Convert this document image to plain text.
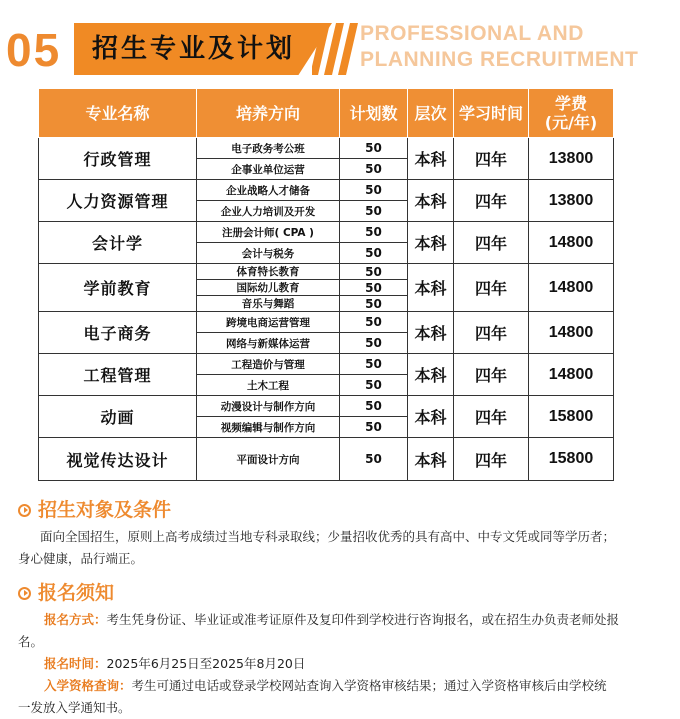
05 招生专业及计划
PROFESSIONAL AND
PLANNING RECRUITMENT
专业名称	培养方向	计划数	层次	学习时间	学费
(元/年)
行政管理	电子政务考公班	50	本科	四年	13800
	企事业单位运营	50			
人力资源管理	企业战略人才储备	50	本科	四年	13800
	企业人力培训及开发	50			
会计学	注册会计师( CPA )	50	本科	四年	14800
	会计与税务	50			
学前教育	体育特长教育	50	本科	四年	14800
	国际幼儿教育	50			
	音乐与舞蹈	50			
电子商务	跨境电商运营管理	50	本科	四年	14800
	网络与新媒体运营	50			
工程管理	工程造价与管理	50	本科	四年	14800
	土木工程	50			
动画	动漫设计与制作方向	50	本科	四年	15800
	视频编辑与制作方向	50			
视觉传达设计	平面设计方向	50	本科	四年	15800
招生对象及条件
面向全国招生，原则上高考成绩过当地专科录取线；少量招收优秀的具有高中、中专文凭或同等学历者；
身心健康，品行端正。
报名须知
报名方式：考生凭身份证、毕业证或准考证原件及复印件到学校进行咨询报名，或在招生办负责老师处报
名。
报名时间：2025年6月25日至2025年8月20日
入学资格查询：考生可通过电话或登录学校网站查询入学资格审核结果；通过入学资格审核后由学校统
一发放入学通知书。
